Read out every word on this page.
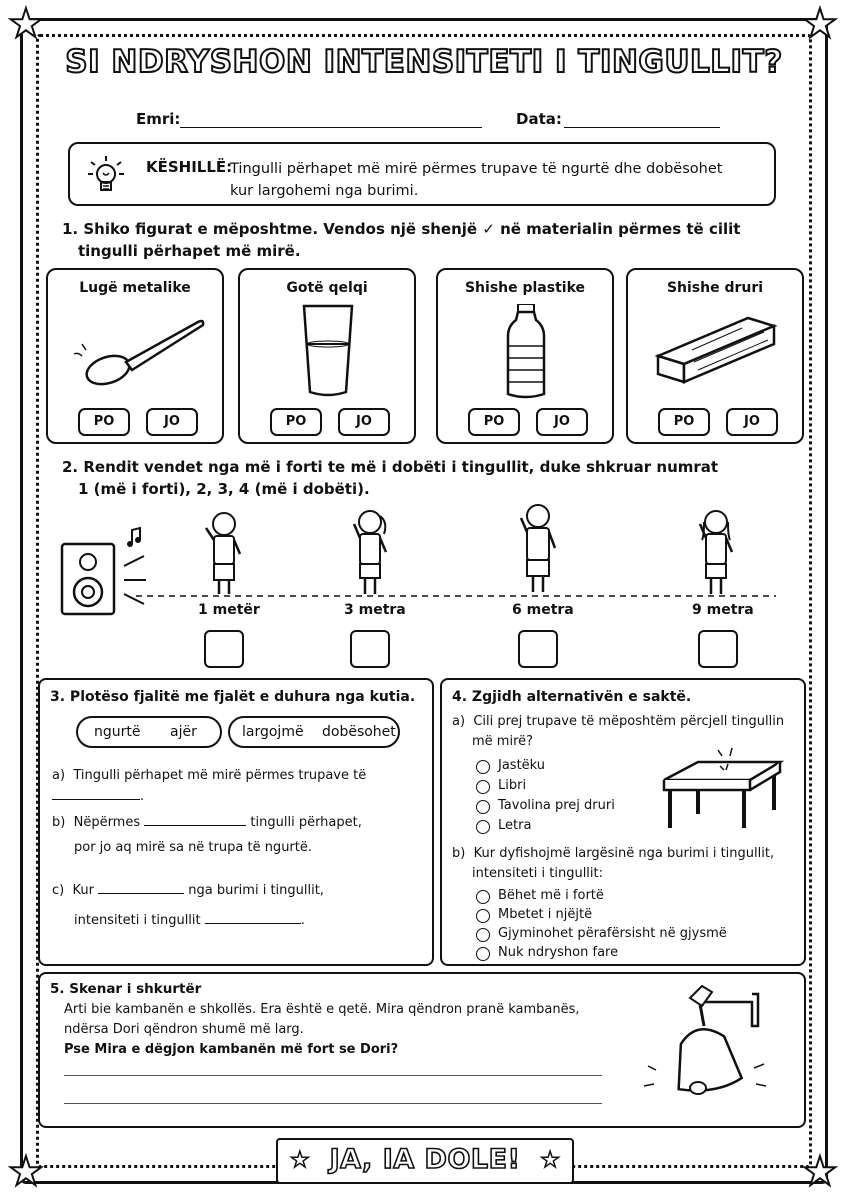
★	★
★	★
SI NDRYSHON INTENSITETI I TINGULLIT?
Emri:	Data:
KËSHILLË:
Tingulli përhapet më mirë përmes trupave të ngurtë dhe dobësohet
kur largohemi nga burimi.
1. Shiko figurat e mëposhtme. Vendos një shenjë ✓ në materialin përmes të cilit
tingulli përhapet më mirë.
Lugë metalike
PO	JO
Gotë qelqi
PO	JO
Shishe plastike
PO	JO
Shishe druri
PO	JO
2. Rendit vendet nga më i forti te më i dobëti i tingullit, duke shkruar numrat
1 (më i forti), 2, 3, 4 (më i dobëti).
1 metër	3 metra	6 metra	9 metra
3. Plotëso fjalitë me fjalët e duhura nga kutia.
ngurtë ajër	largojmë dobësohet
a) Tingulli përhapet më mirë përmes trupave të .
b) Nëpërmes	tingulli përhapet,
por jo aq mirë sa në trupa të ngurtë.
c) Kur	nga burimi i tingullit,
intensiteti i tingullit	.
4. Zgjidh alternativën e saktë.
a) Cili prej trupave të mëposhtëm përcjell tingullin
më mirë?
Jastëku
Libri
Tavolina prej druri
Letra
b) Kur dyfishojmë largësinë nga burimi i tingullit,
intensiteti i tingullit:
Bëhet më i fortë
Mbetet i njëjtë
Gjyminohet përafërsisht në gjysmë
Nuk ndryshon fare
5. Skenar i shkurtër
Arti bie kambanën e shkollës. Era është e qetë. Mira qëndron pranë kambanës,
ndërsa Dori qëndron shumë më larg.
Pse Mira e dëgjon kambanën më fort se Dori?
★ JA, IA DOLE! ★
